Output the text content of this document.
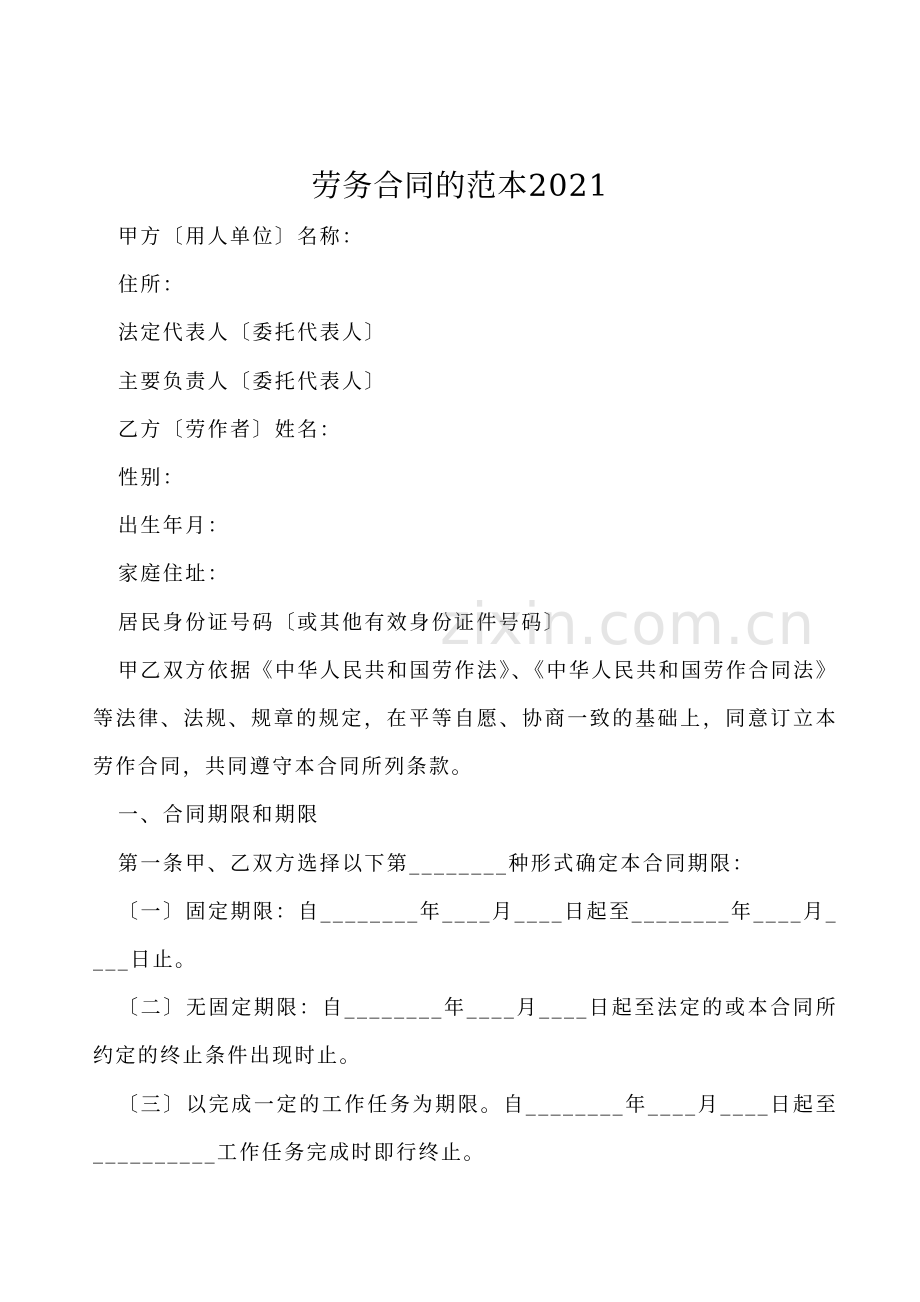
劳务合同的范本2021

甲方〔用人单位〕名称：

住所：

法定代表人〔委托代表人〕

主要负责人〔委托代表人〕

乙方〔劳作者〕姓名：

性别：

出生年月：

家庭住址：

居民身份证号码〔或其他有效身份证件号码〕

甲乙双方依据《中华人民共和国劳作法》、《中华人民共和国劳作合同法》等法律、法规、规章的规定，在平等自愿、协商一致的基础上，同意订立本劳作合同，共同遵守本合同所列条款。

一、合同期限和期限

第一条甲、乙双方选择以下第________种形式确定本合同期限：

〔一〕固定期限：自________年____月____日起至________年____月____日止。

〔二〕无固定期限：自________年____月____日起至法定的或本合同所约定的终止条件出现时止。

〔三〕以完成一定的工作任务为期限。自________年____月____日起至__________工作任务完成时即行终止。

zixin.com.cn
